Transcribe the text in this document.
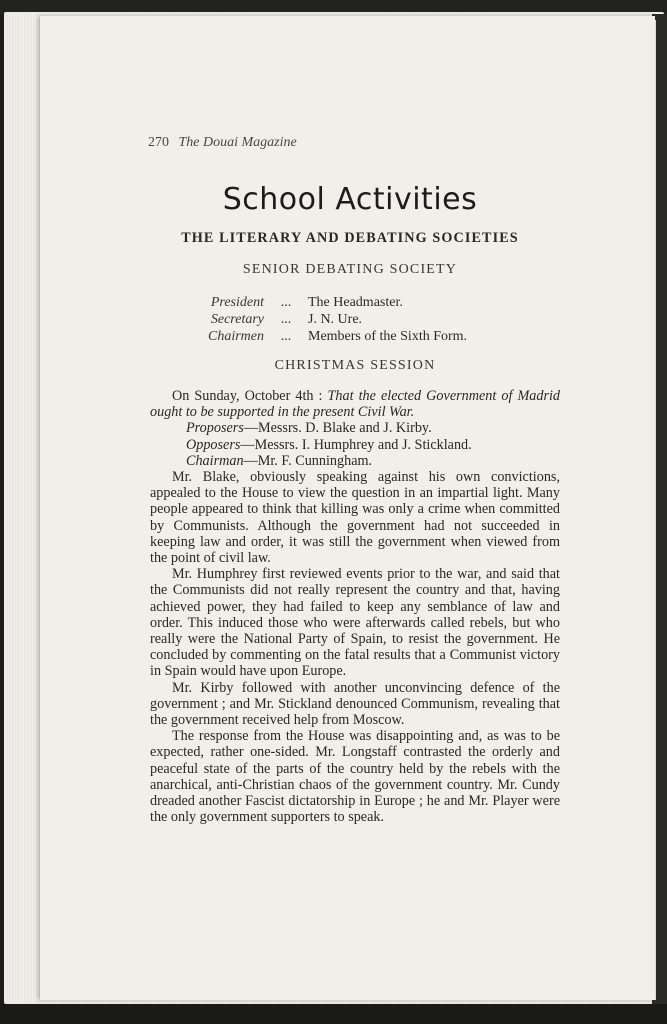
270 The Douai Magazine
School Activities
THE LITERARY AND DEBATING SOCIETIES
SENIOR DEBATING SOCIETY
President	...	The Headmaster.
Secretary	...	J. N. Ure.
Chairmen	...	Members of the Sixth Form.
CHRISTMAS SESSION

On Sunday, October 4th : That the elected Government of Madrid ought to be supported in the present Civil War.

Proposers—Messrs. D. Blake and J. Kirby.

Opposers—Messrs. I. Humphrey and J. Stickland.

Chairman—Mr. F. Cunningham.

Mr. Blake, obviously speaking against his own convictions, appealed to the House to view the question in an impartial light. Many people appeared to think that killing was only a crime when committed by Communists. Although the government had not succeeded in keeping law and order, it was still the government when viewed from the point of civil law.

Mr. Humphrey first reviewed events prior to the war, and said that the Communists did not really represent the country and that, having achieved power, they had failed to keep any semblance of law and order. This induced those who were afterwards called rebels, but who really were the National Party of Spain, to resist the government. He concluded by commenting on the fatal results that a Communist victory in Spain would have upon Europe.

Mr. Kirby followed with another unconvincing defence of the government ; and Mr. Stickland denounced Communism, revealing that the government received help from Moscow.

The response from the House was disappointing and, as was to be expected, rather one-sided. Mr. Longstaff contrasted the orderly and peaceful state of the parts of the country held by the rebels with the anarchical, anti-Christian chaos of the government country. Mr. Cundy dreaded another Fascist dictatorship in Europe ; he and Mr. Player were the only government supporters to speak.
